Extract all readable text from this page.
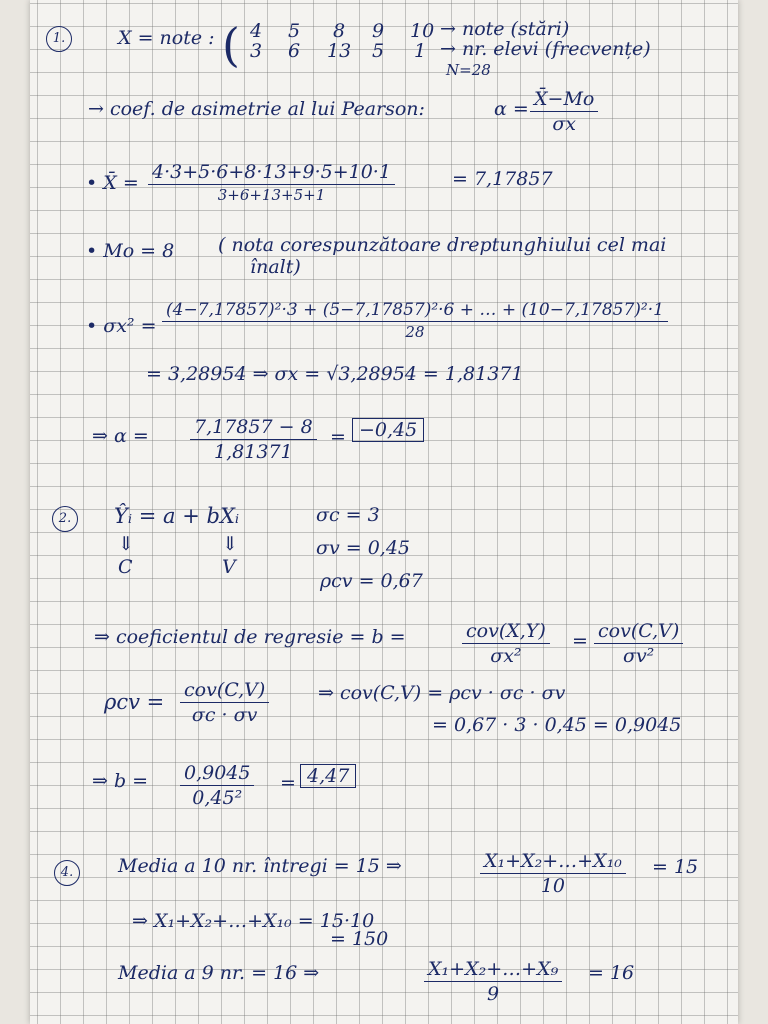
1.	X = note : ( 4 5 8 9 10
3 6 13 5 1
→ note (stări)
→ nr. elevi (frecvențe)
N=28
→ coef. de asimetrie al lui Pearson:	$\alpha = \frac{X̄-Mo}{\sigma x}$
• X̄ = 4·3+5·6+8·13+9·5+10·1
3+6+13+5+1
= 7,17857
• Mo = 8 ( nota corespunzătoare dreptunghiului cel mai
înalt)
• $\sigma x^2 = \frac{\text{(4−7,17857)²·3 + (5−7,17857)²·6 + … + (10−7,17857)²·1}}{28}$
= 3,28954 ⇒ σx = √3,28954 = 1,81371
⇒ $\alpha = \frac{7,17857 - 8}{1,81371} = -0,45$
2.	Ŷᵢ = a + bXᵢ
⇓	⇓
C	V
σc = 3
σv = 0,45
ρcv = 0,67
⇒ coeficientul de regresie = b =	cov(X,Y)
σx²
= cov(C,V)
σv²
ρcv = cov(C,V)
σc · σv
⇒ cov(C,V) = ρcv · σc · σv
= 0,67 · 3 · 0,45 = 0,9045
⇒ $b = \frac{0,9045}{\text{0,45²}} = 4,47$
4.	Media a 10 nr. întregi = 15 ⇒	$\frac{\text{X₁+X₂+…+X₁₀}}{10} = 15$
⇒ X₁+X₂+…+X₁₀ = 15·10
= 150
Media a 9 nr. = 16 ⇒	$\frac{\text{X₁+X₂+…+X₉}}{9} = 16$
